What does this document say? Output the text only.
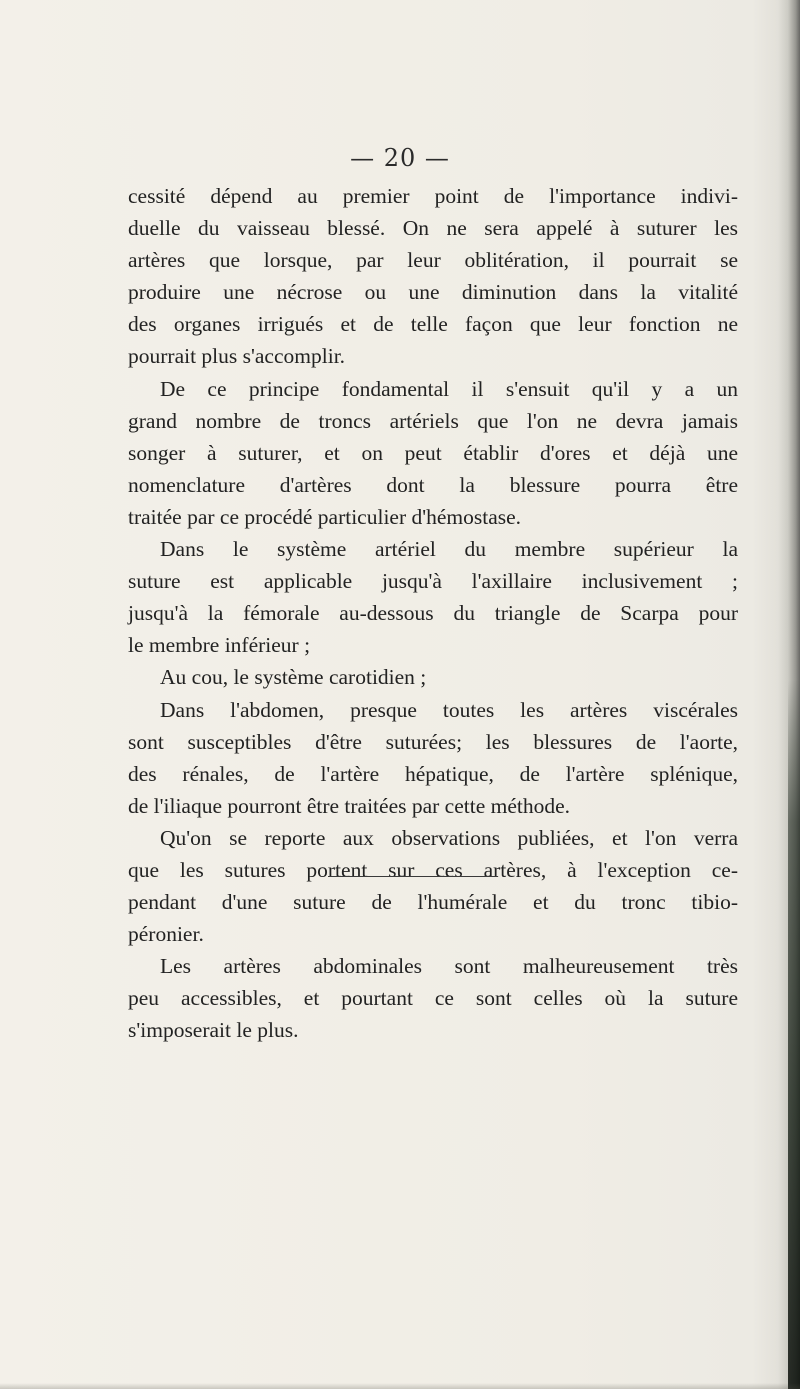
— 20 —
cessité dépend au premier point de l'importance indivi-
duelle du vaisseau blessé. On ne sera appelé à suturer les
artères que lorsque, par leur oblitération, il pourrait se
produire une nécrose ou une diminution dans la vitalité
des organes irrigués et de telle façon que leur fonction ne
pourrait plus s'accomplir.
De ce principe fondamental il s'ensuit qu'il y a un
grand nombre de troncs artériels que l'on ne devra jamais
songer à suturer, et on peut établir d'ores et déjà une
nomenclature d'artères dont la blessure pourra être
traitée par ce procédé particulier d'hémostase.
Dans le système artériel du membre supérieur la
suture est applicable jusqu'à l'axillaire inclusivement ;
jusqu'à la fémorale au-dessous du triangle de Scarpa pour
le membre inférieur ;
Au cou, le système carotidien ;
Dans l'abdomen, presque toutes les artères viscérales
sont susceptibles d'être suturées; les blessures de l'aorte,
des rénales, de l'artère hépatique, de l'artère splénique,
de l'iliaque pourront être traitées par cette méthode.
Qu'on se reporte aux observations publiées, et l'on verra
que les sutures portent sur ces artères, à l'exception ce-
pendant d'une suture de l'humérale et du tronc tibio-
péronier.
Les artères abdominales sont malheureusement très
peu accessibles, et pourtant ce sont celles où la suture
s'imposerait le plus.
